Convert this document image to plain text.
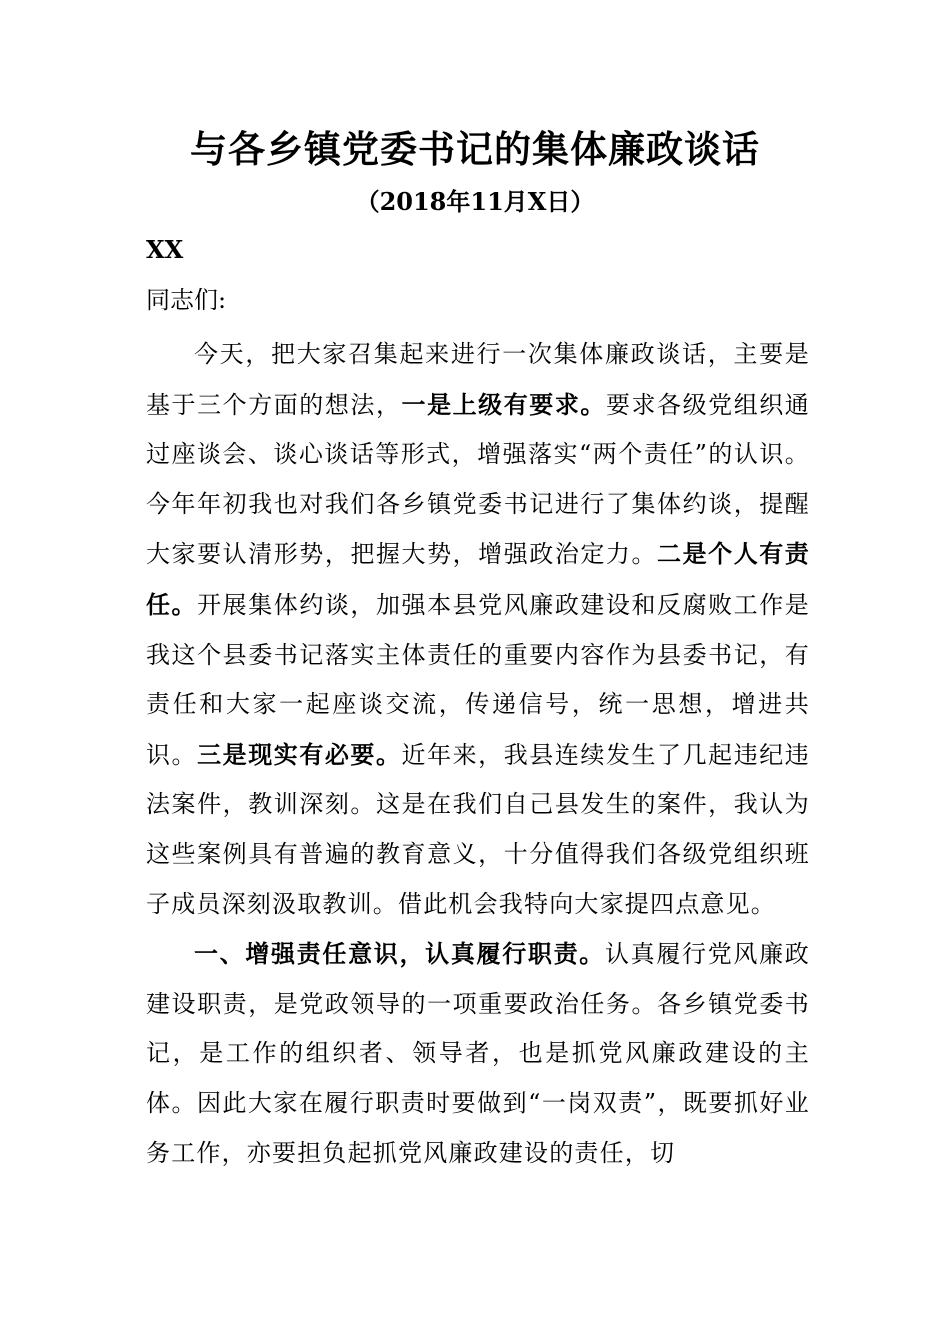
与各乡镇党委书记的集体廉政谈话
（2018年11月X日）
XX
同志们:

今天，把大家召集起来进行一次集体廉政谈话，主要是基于三个方面的想法，一是上级有要求。要求各级党组织通过座谈会、谈心谈话等形式，增强落实“两个责任”的认识。今年年初我也对我们各乡镇党委书记进行了集体约谈，提醒大家要认清形势，把握大势，增强政治定力。二是个人有责任。开展集体约谈，加强本县党风廉政建设和反腐败工作是我这个县委书记落实主体责任的重要内容作为县委书记，有责任和大家一起座谈交流，传递信号，统一思想，增进共识。三是现实有必要。近年来，我县连续发生了几起违纪违法案件，教训深刻。这是在我们自己县发生的案件，我认为这些案例具有普遍的教育意义，十分值得我们各级党组织班子成员深刻汲取教训。借此机会我特向大家提四点意见。

一、增强责任意识，认真履行职责。认真履行党风廉政建设职责，是党政领导的一项重要政治任务。各乡镇党委书记，是工作的组织者、领导者，也是抓党风廉政建设的主体。因此大家在履行职责时要做到“一岗双责”，既要抓好业务工作，亦要担负起抓党风廉政建设的责任，切
